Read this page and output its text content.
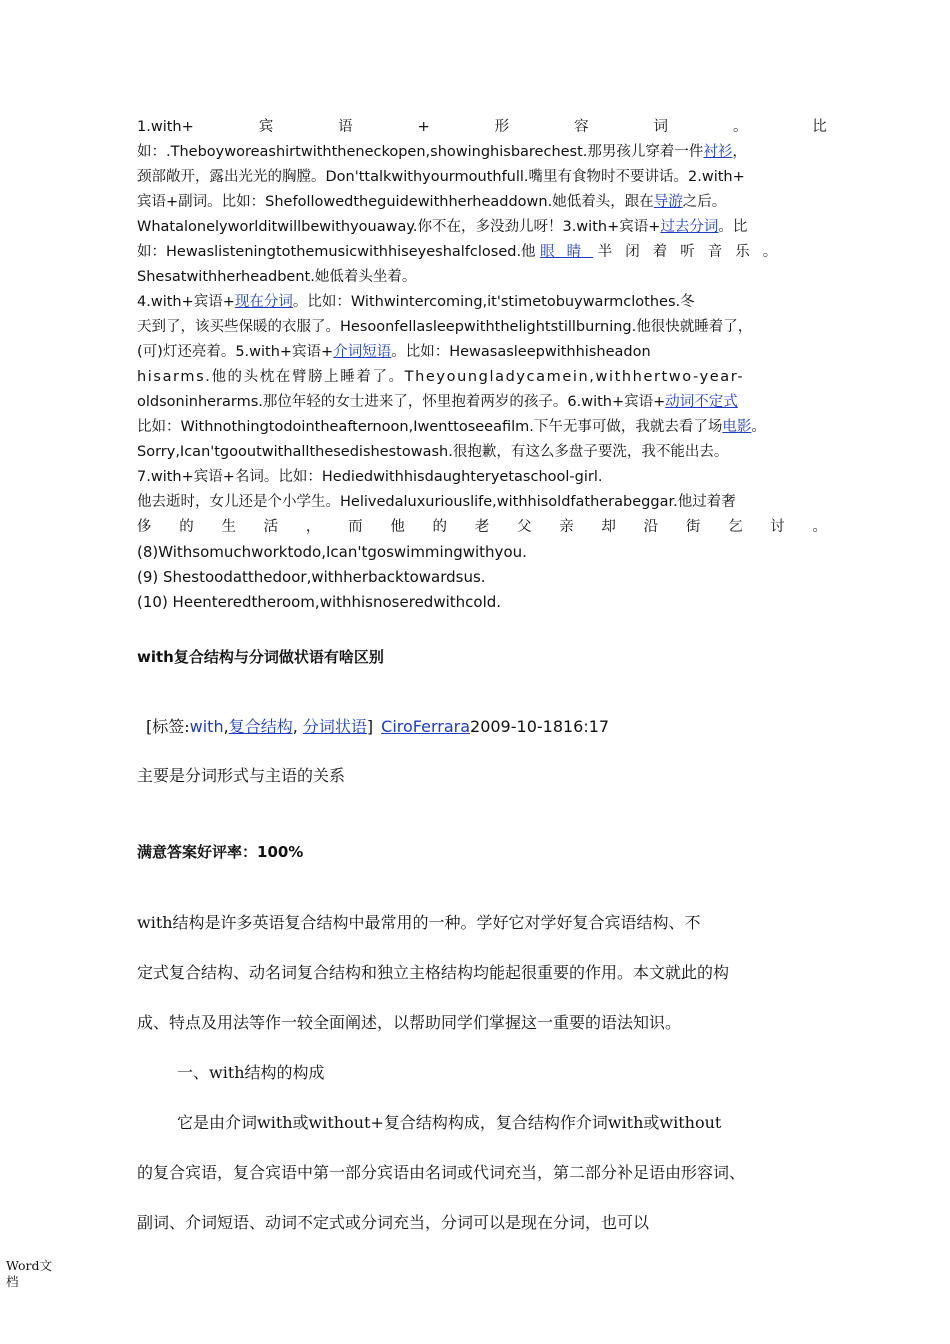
1.with+	宾	语	+	形	容	词	。	比
如：.Theboyworeashirtwiththeneckopen,showinghisbarechest.那男孩儿穿着一件衬衫，
颈部敞开，露出光光的胸膛。Don'ttalkwithyourmouthfull.嘴里有食物时不要讲话。2.with+
宾语+副词。比如：Shefollowedtheguidewithherheaddown.她低着头，跟在导游之后。
Whatalonelyworlditwillbewithyouaway.你不在，多没劲儿呀！3.with+宾语+过去分词。比
如：Hewaslisteningtothemusicwithhiseyeshalfclosed.他 眼睛 半闭着听音乐。
Shesatwithherheadbent.她低着头坐着。
4.with+宾语+现在分词。比如：Withwintercoming,it'stimetobuywarmclothes.冬
天到了，该买些保暖的衣服了。Hesoonfellasleepwiththelightstillburning.他很快就睡着了，
(可)灯还亮着。5.with+宾语+介词短语。比如：Hewasasleepwithhisheadon
hisarms.他的头枕在臂膀上睡着了。Theyoungladycamein,withhertwo-year-
oldsoninherarms.那位年轻的女士进来了，怀里抱着两岁的孩子。6.with+宾语+动词不定式
比如：Withnothingtodointheafternoon,Iwenttoseeafilm.下午无事可做，我就去看了场电影。
Sorry,Ican'tgooutwithallthesedishestowash.很抱歉，有这么多盘子要洗，我不能出去。
7.with+宾语+名词。比如：Hediedwithhisdaughteryetaschool-girl.
他去逝时，女儿还是个小学生。Helivedaluxuriouslife,withhisoldfatherabeggar.他过着奢
侈 的 生 活 ， 而 他 的 老 父 亲 却 沿 街 乞 讨 。
(8)Withsomuchworktodo,Ican'tgoswimmingwithyou.
(9) Shestoodatthedoor,withherbacktowardsus.
(10) Heenteredtheroom,withhisnoseredwithcold.
with复合结构与分词做状语有啥区别
[标签:with,复合结构, 分词状语] CiroFerrara2009-10-1816:17
主要是分词形式与主语的关系
满意答案好评率：100%
with结构是许多英语复合结构中最常用的一种。学好它对学好复合宾语结构、不
定式复合结构、动名词复合结构和独立主格结构均能起很重要的作用。本文就此的构
成、特点及用法等作一较全面阐述，以帮助同学们掌握这一重要的语法知识。
一、with结构的构成
它是由介词with或without+复合结构构成，复合结构作介词with或without
的复合宾语，复合宾语中第一部分宾语由名词或代词充当，第二部分补足语由形容词、
副词、介词短语、动词不定式或分词充当，分词可以是现在分词，也可以
Word文
档
